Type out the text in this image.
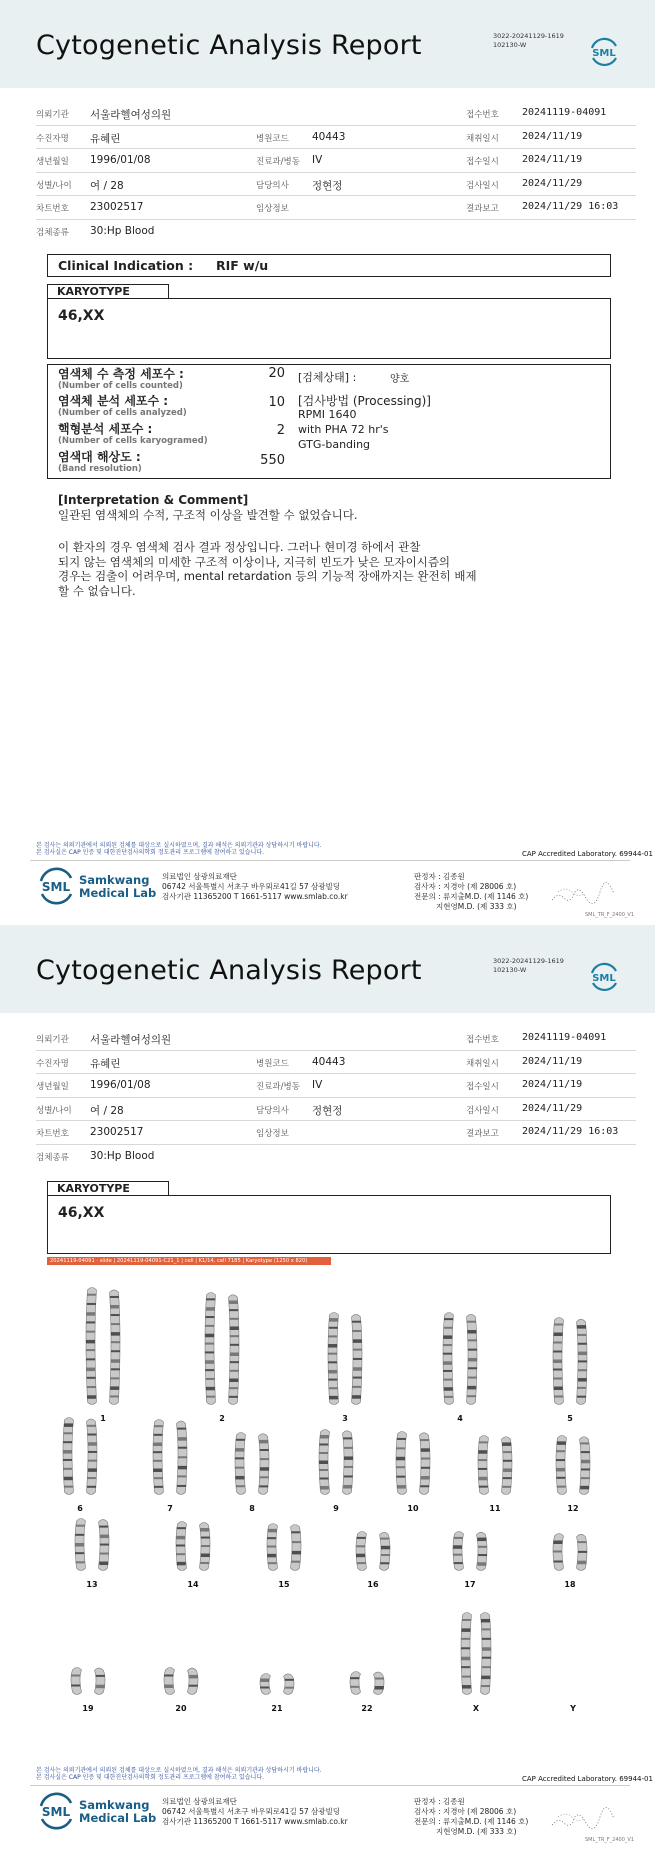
Cytogenetic Analysis Report	3022-20241129-1619
102130-W
SML
의뢰기관 서울라헬여성의원	접수번호 20241119-04091
수진자명 유혜린	병원코드 40443	채취일시 2024/11/19
생년월일 1996/01/08	진료과/병동 IV	접수일시 2024/11/19
성별/나이 여 / 28	담당의사 정현정	검사일시 2024/11/29
차트번호 23002517	임상정보	결과보고 2024/11/29 16:03
검체종류 30:Hp Blood
Clinical Indication : RIF w/u
KARYOTYPE
46,XX
염색체 수 측정 세포수 :
(Number of cells counted)
20
염색체 분석 세포수 :
(Number of cells analyzed)
10
핵형분석 세포수 :
(Number of cells karyogramed)
2
염색대 해상도 :
(Band resolution)
550
[검체상태] :	양호
[검사방법 (Processing)]
RPMI 1640
with PHA 72 hr's
GTG-banding
[Interpretation & Comment]
일관된 염색체의 수적, 구조적 이상을 발견할 수 없었습니다.
이 환자의 경우 염색체 검사 결과 정상입니다. 그러나 현미경 하에서 관찰
되지 않는 염색체의 미세한 구조적 이상이나, 지극히 빈도가 낮은 모자이시즘의
경우는 검출이 어려우며, mental retardation 등의 기능적 장애까지는 완전히 배제
할 수 없습니다.
본 검사는 의뢰기관에서 의뢰된 검체를 대상으로 실시하였으며, 결과 해석은 의뢰기관과 상담하시기 바랍니다.
본 검사실은 CAP 인증 및 대한진단검사의학회 정도관리 프로그램에 참여하고 있습니다.	CAP Accredited Laboratory. 6994​4-01
SML Samkwang
Medical Lab
의료법인 삼광의료재단
06742 서울특별시 서초구 바우뫼로41길 57 삼광빌딩
검사기관 11365200 T 1661-5117 www.smlab.co.kr
판정자 : 김종원
검사자 : 지경아 (제 28006 호)
전문의 : 류지출M.D. (제 1146 호)
지현영M.D. (제 333 호)
SML_TR_F_2400_V1
Cytogenetic Analysis Report	3022-20241129-1619
102130-W
SML
의뢰기관 서울라헬여성의원	접수번호 20241119-04091
수진자명 유혜린	병원코드 40443	채취일시 2024/11/19
생년월일 1996/01/08	진료과/병동 IV	접수일시 2024/11/19
성별/나이 여 / 28	담당의사 정현정	검사일시 2024/11/29
차트번호 23002517	임상정보	결과보고 2024/11/29 16:03
검체종류 30:Hp Blood
KARYOTYPE
46,XX
본 검사는 의뢰기관에서 의뢰된 검체를 대상으로 실시하였으며, 결과 해석은 의뢰기관과 상담하시기 바랍니다.
본 검사실은 CAP 인증 및 대한진단검사의학회 정도관리 프로그램에 참여하고 있습니다.	CAP Accredited Laboratory. 6994​4-01
SML Samkwang
Medical Lab
의료법인 삼광의료재단
06742 서울특별시 서초구 바우뫼로41길 57 삼광빌딩
검사기관 11365200 T 1661-5117 www.smlab.co.kr
판정자 : 김종원
검사자 : 지경아 (제 28006 호)
전문의 : 류지출M.D. (제 1146 호)
지현영M.D. (제 333 호)
SML_TR_F_2400_V1
20241119-04091 · slide | 20241119-04091-C21_1 | cell | K1/14, cell 7185 | Karyotype (1250 x 820)
1	2	3	4	5
6	7	8	9	10	11	12
13	14	15	16	17	18
19	20	21	22	X	Y
